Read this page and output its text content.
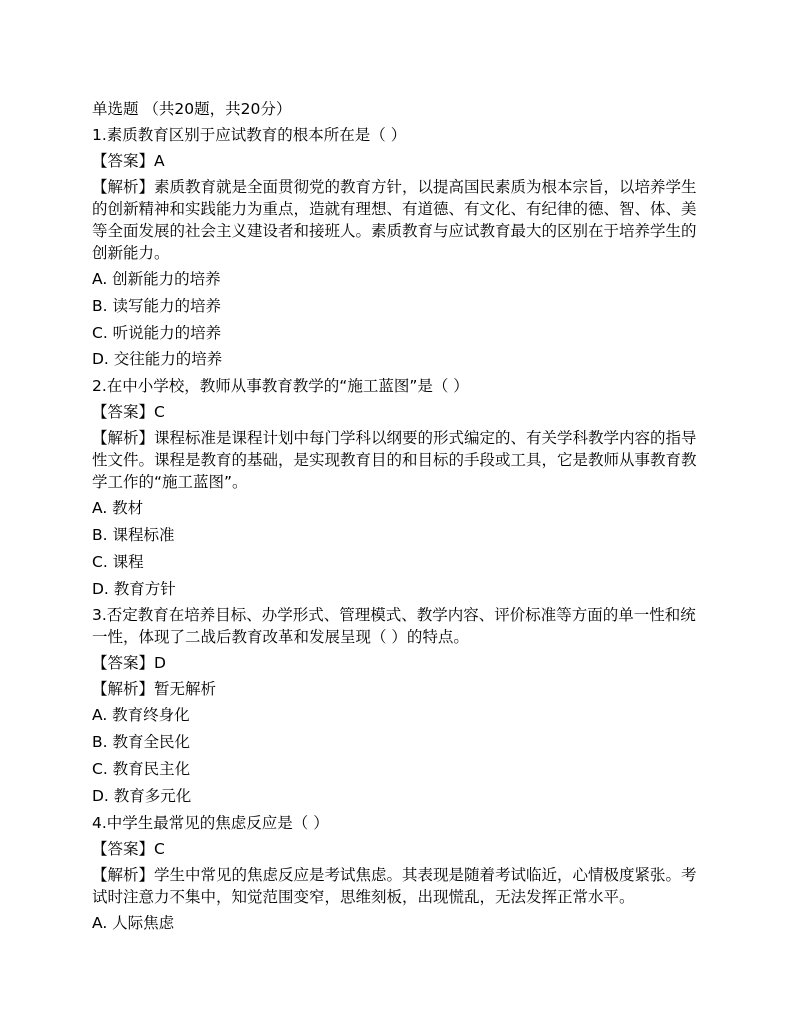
单选题 （共20题，共20分）
1.素质教育区别于应试教育的根本所在是（ ）
【答案】A
【解析】素质教育就是全面贯彻党的教育方针，以提高国民素质为根本宗旨，以培养学生的创新精神和实践能力为重点，造就有理想、有道德、有文化、有纪律的德、智、体、美等全面发展的社会主义建设者和接班人。素质教育与应试教育最大的区别在于培养学生的创新能力。
A. 创新能力的培养
B. 读写能力的培养
C. 听说能力的培养
D. 交往能力的培养
2.在中小学校，教师从事教育教学的“施工蓝图”是（ ）
【答案】C
【解析】课程标准是课程计划中每门学科以纲要的形式编定的、有关学科教学内容的指导性文件。课程是教育的基础，是实现教育目的和目标的手段或工具，它是教师从事教育教学工作的“施工蓝图”。
A. 教材
B. 课程标准
C. 课程
D. 教育方针
3.否定教育在培养目标、办学形式、管理模式、教学内容、评价标准等方面的单一性和统一性，体现了二战后教育改革和发展呈现（ ）的特点。
【答案】D
【解析】暂无解析
A. 教育终身化
B. 教育全民化
C. 教育民主化
D. 教育多元化
4.中学生最常见的焦虑反应是（ ）
【答案】C
【解析】学生中常见的焦虑反应是考试焦虑。其表现是随着考试临近，心情极度紧张。考试时注意力不集中，知觉范围变窄，思维刻板，出现慌乱，无法发挥正常水平。
A. 人际焦虑
